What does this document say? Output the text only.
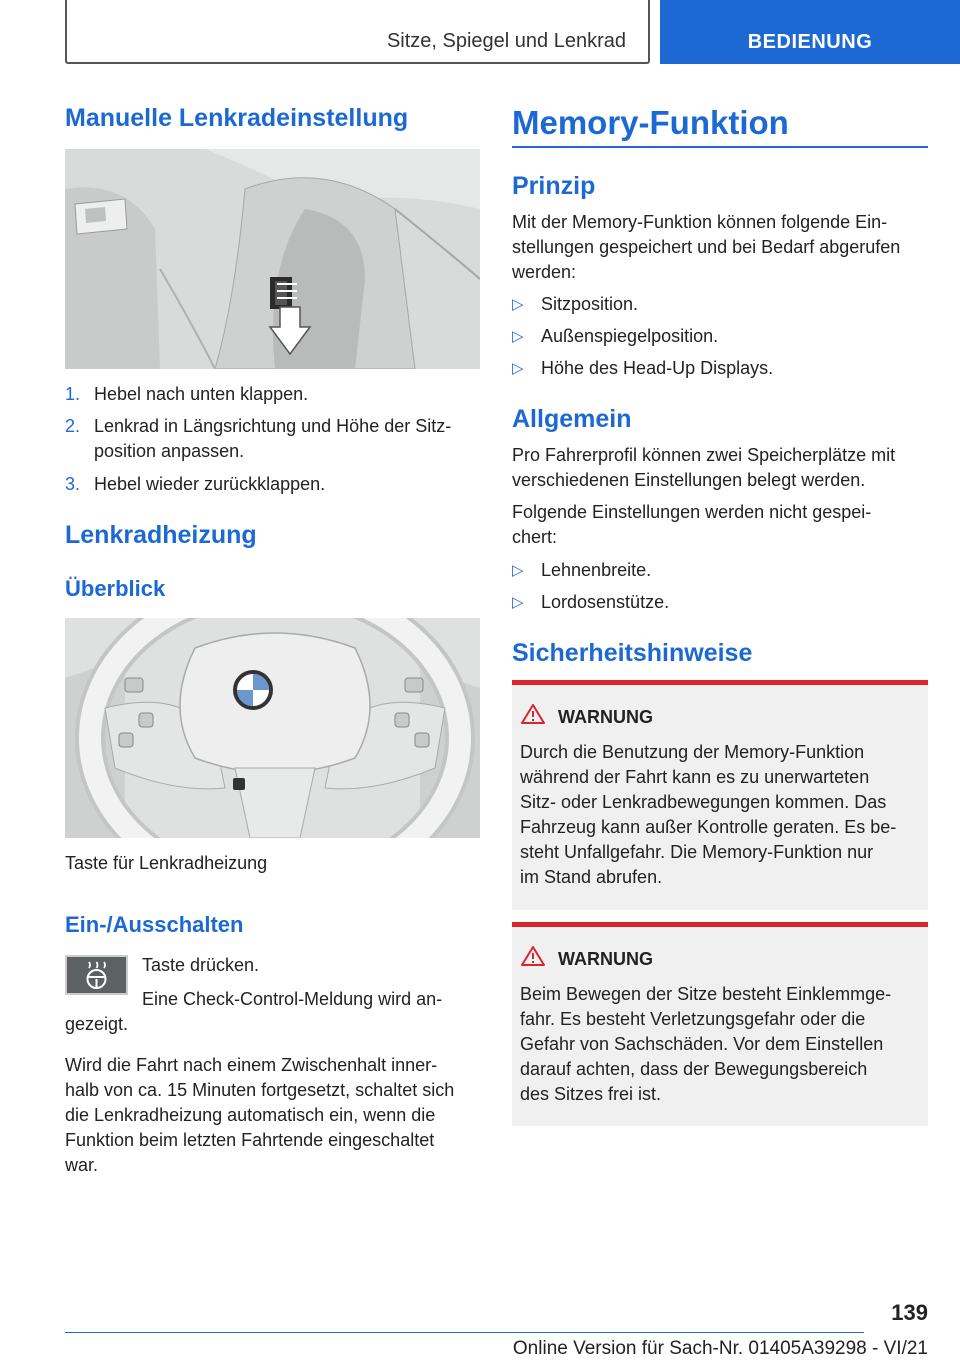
Sitze, Spiegel und Lenkrad	BEDIENUNG
Manuelle Lenkradeinstellung
1. Hebel nach unten klappen.
2. Lenkrad in Längsrichtung und Höhe der Sitz-
position anpassen.
3. Hebel wieder zurückklappen.
Lenkradheizung
Überblick
Taste für Lenkradheizung
Ein-/Ausschalten
Taste drücken.
Eine Check-Control-Meldung wird an-
gezeigt.
Wird die Fahrt nach einem Zwischenhalt inner-
halb von ca. 15 Minuten fortgesetzt, schaltet sich
die Lenkradheizung automatisch ein, wenn die
Funktion beim letzten Fahrtende eingeschaltet
war.
Memory-Funktion
Prinzip
Mit der Memory-Funktion können folgende Ein-
stellungen gespeichert und bei Bedarf abgerufen
werden:
▷ Sitzposition.
▷ Außenspiegelposition.
▷ Höhe des Head-Up Displays.
Allgemein
Pro Fahrerprofil können zwei Speicherplätze mit
verschiedenen Einstellungen belegt werden.
Folgende Einstellungen werden nicht gespei-
chert:
▷ Lehnenbreite.
▷ Lordosenstütze.
Sicherheitshinweise
WARNUNG
Durch die Benutzung der Memory-Funktion
während der Fahrt kann es zu unerwarteten
Sitz- oder Lenkradbewegungen kommen. Das
Fahrzeug kann außer Kontrolle geraten. Es be-
steht Unfallgefahr. Die Memory-Funktion nur
im Stand abrufen.
WARNUNG
Beim Bewegen der Sitze besteht Einklemmge-
fahr. Es besteht Verletzungsgefahr oder die
Gefahr von Sachschäden. Vor dem Einstellen
darauf achten, dass der Bewegungsbereich
des Sitzes frei ist.
139
Online Version für Sach-Nr. 01405A39298 - VI/21
